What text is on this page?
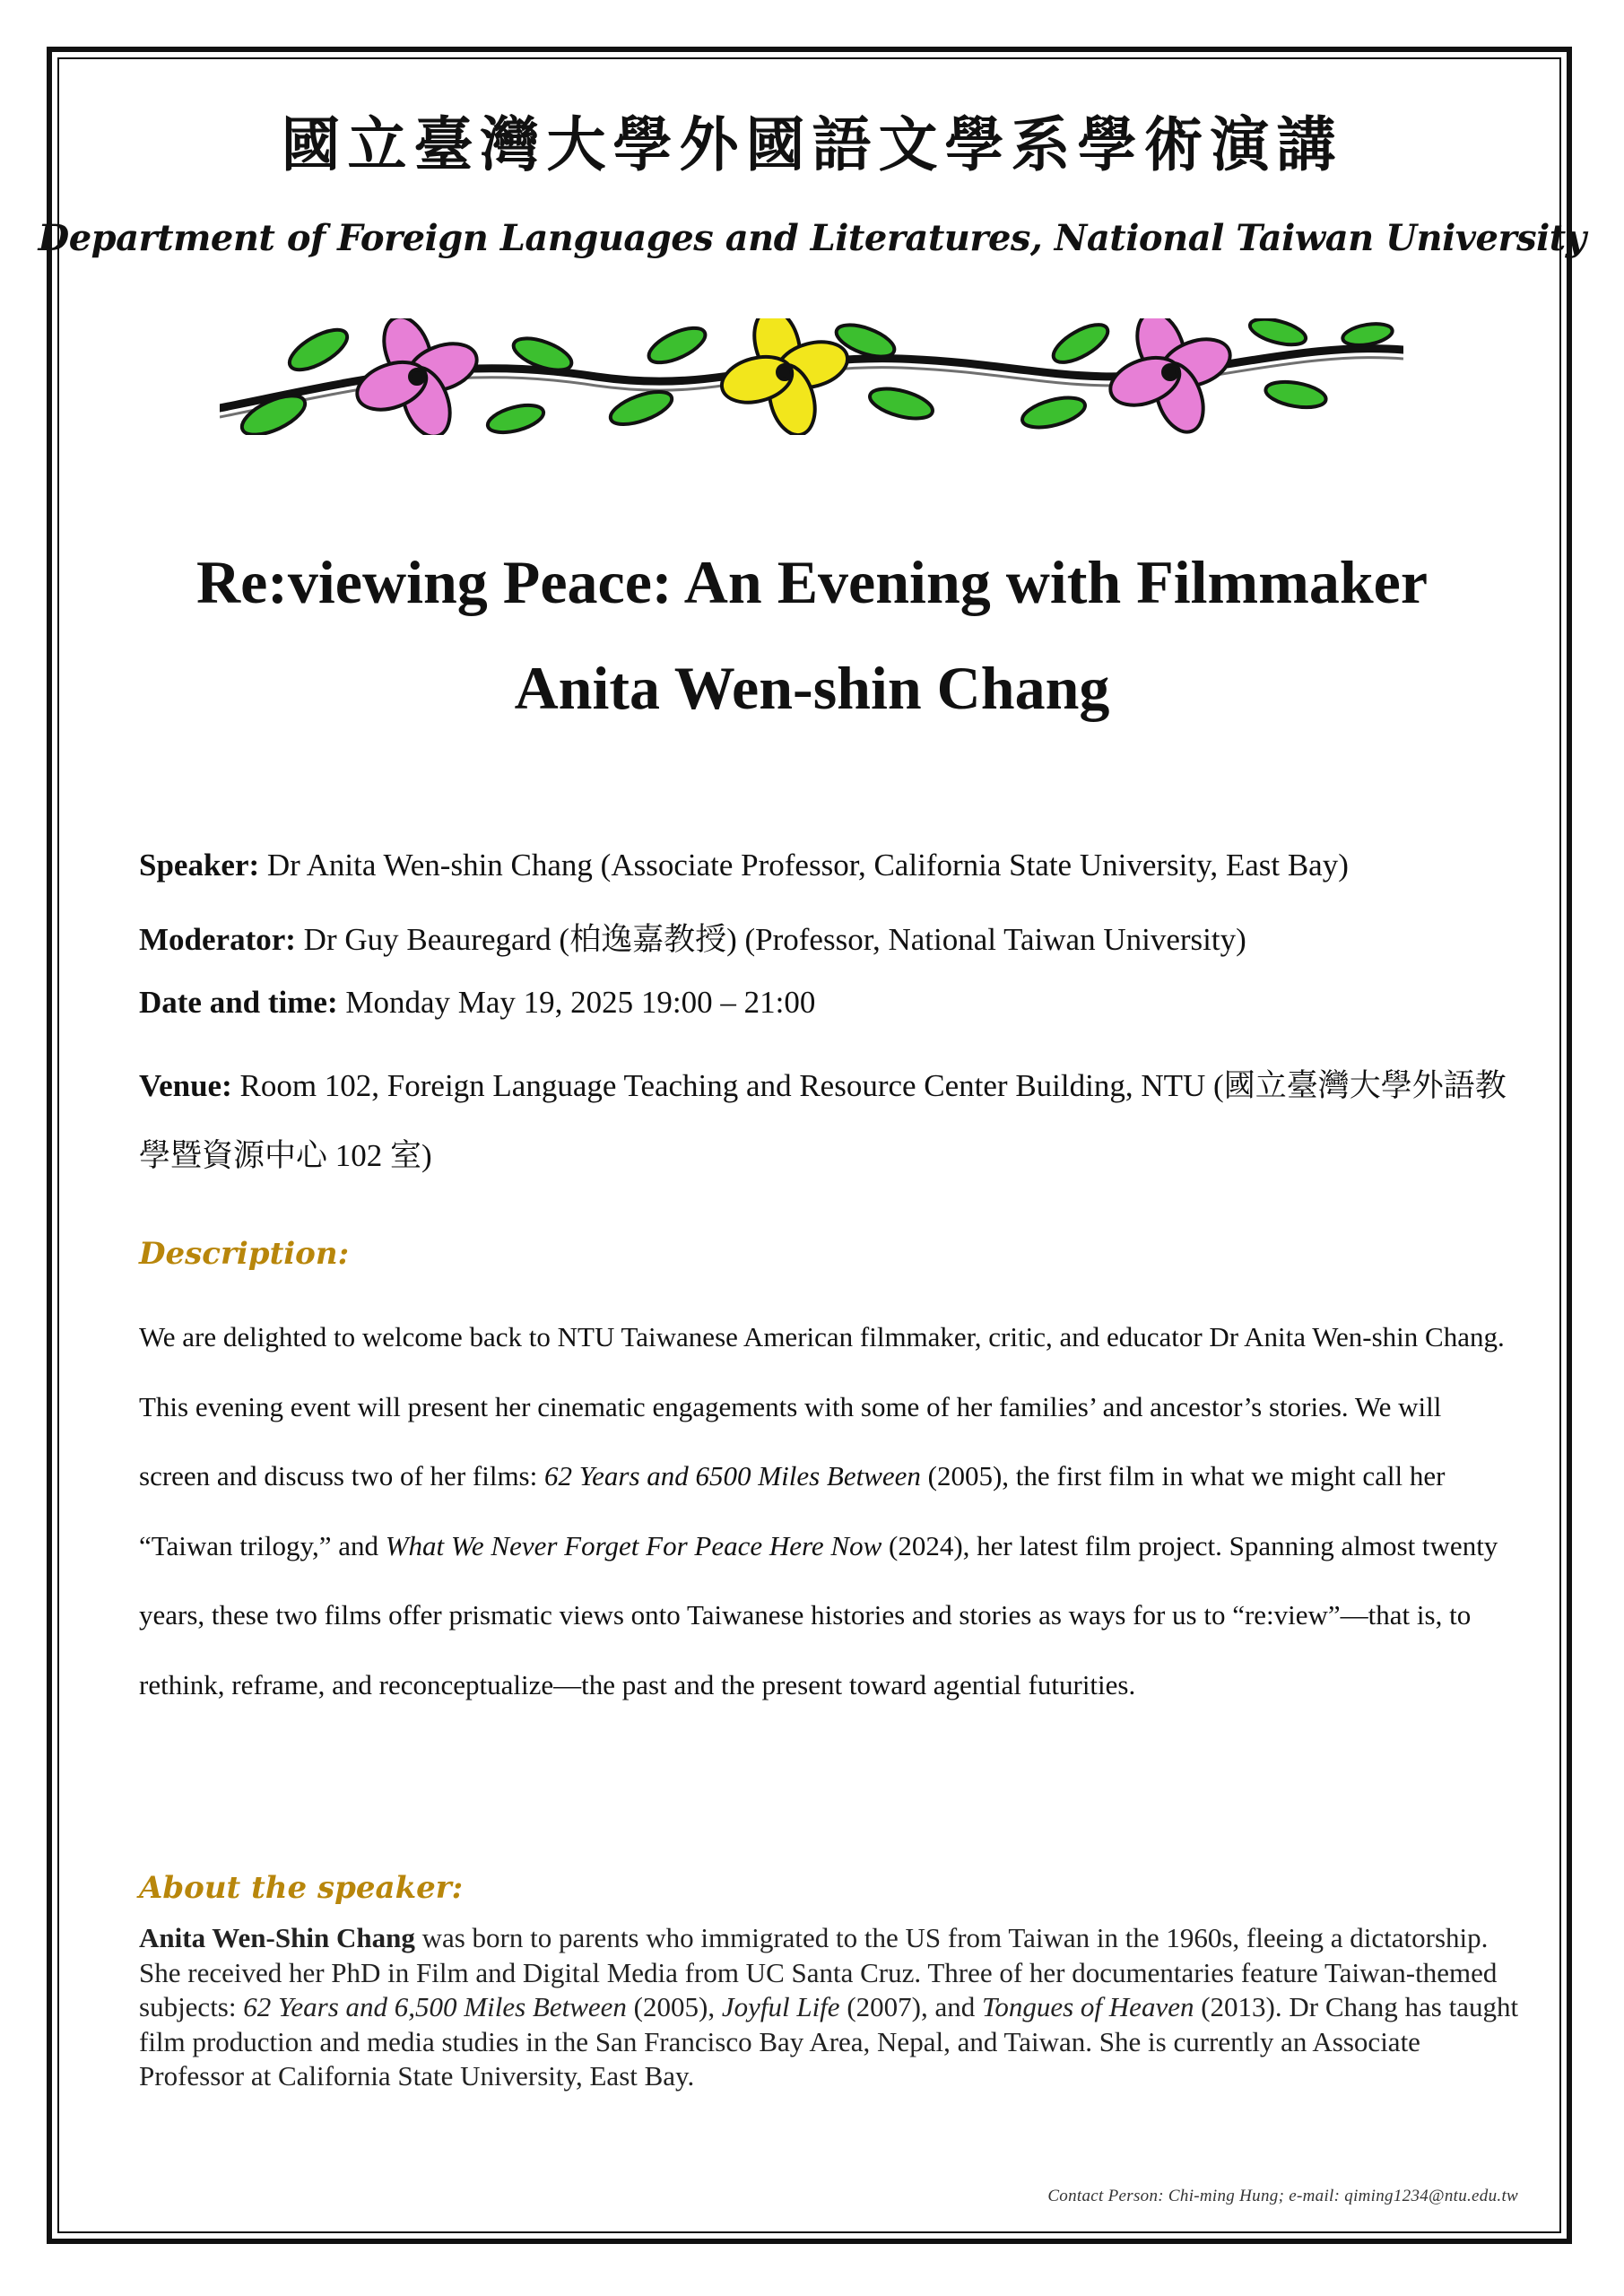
國立臺灣大學外國語文學系學術演講
Department of Foreign Languages and Literatures, National Taiwan University
Re:viewing Peace: An Evening with Filmmaker
Anita Wen-shin Chang
Speaker: Dr Anita Wen-shin Chang (Associate Professor, California State University, East Bay)
Moderator: Dr Guy Beauregard (柏逸嘉教授) (Professor, National Taiwan University)
Date and time: Monday May 19, 2025 19:00 – 21:00
Venue: Room 102, Foreign Language Teaching and Resource Center Building, NTU (國立臺灣大學外語教學暨資源中心 102 室)
Description:
We are delighted to welcome back to NTU Taiwanese American filmmaker, critic, and educator Dr Anita Wen-shin Chang. This evening event will present her cinematic engagements with some of her families’ and ancestor’s stories. We will screen and discuss two of her films: 62 Years and 6500 Miles Between (2005), the first film in what we might call her “Taiwan trilogy,” and What We Never Forget For Peace Here Now (2024), her latest film project. Spanning almost twenty years, these two films offer prismatic views onto Taiwanese histories and stories as ways for us to “re:view”—that is, to rethink, reframe, and reconceptualize—the past and the present toward agential futurities.
About the speaker:
Anita Wen-Shin Chang was born to parents who immigrated to the US from Taiwan in the 1960s, fleeing a dictatorship. She received her PhD in Film and Digital Media from UC Santa Cruz. Three of her documentaries feature Taiwan-themed subjects: 62 Years and 6,500 Miles Between (2005), Joyful Life (2007), and Tongues of Heaven (2013). Dr Chang has taught film production and media studies in the San Francisco Bay Area, Nepal, and Taiwan. She is currently an Associate Professor at California State University, East Bay.
Contact Person: Chi-ming Hung; e-mail: qiming1234@ntu.edu.tw
